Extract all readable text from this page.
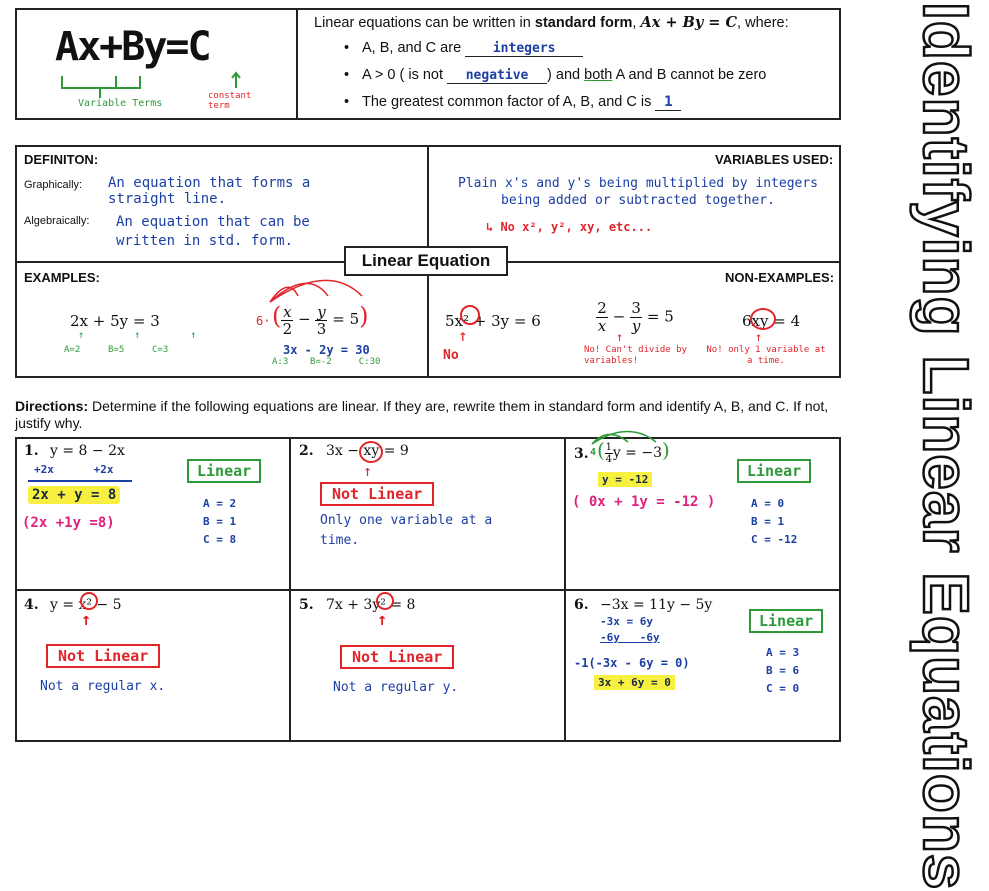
Identifying Linear Equations
Ax+By=C
Variable Terms
constant term
Linear equations can be written in standard form, Ax + By = C, where:
• A, B, and C are integers
• A > 0 ( is not negative ) and both A and B cannot be zero
• The greatest common factor of A, B, and C is 1
DEFINITON:
Graphically: An equation that forms a straight line.
Algebraically: An equation that can be written in std. form.
VARIABLES USED:
Plain x's and y's being multiplied by integers being added or subtracted together.
↳ No x², y², xy, etc...
Linear Equation
EXAMPLES:	NON-EXAMPLES:
2x + 5y = 3
↑      ↑      ↑
A=2	B=5	C=3
$6\cdot (\frac{x}{2} - \frac{y}{3} = 5)$
3x - 2y = 30
A:3 B=-2	C:30
5x² + 3y = 6
↑
No
2
x − 3
y = 5
↑
No! Can't divide by variables!
6xy = 4
↑
No! only 1 variable at a time.
Directions: Determine if the following equations are linear. If they are, rewrite them in standard form and identify A, B, and C. If not, justify why.
1. y = 8 − 2x
+2x      +2x
2x + y = 8
(2x +1y =8)
Linear
A = 2
B = 1
C = 8
2. 3x − xy = 9
↑
Not Linear
Only one variable at a time.
3. 4 (1
4y = −3)
y = -12
( 0x + 1y = -12 )
Linear
A = 0
B = 1
C = -12
4. y = x² − 5
↑
Not Linear
Not a regular x.
5. 7x + 3y² = 8
↑
Not Linear
Not a regular y.
6. −3x = 11y − 5y
-3x = 6y
-6y   -6y
-1(-3x - 6y = 0)
3x + 6y = 0
Linear
A = 3
B = 6
C = 0
